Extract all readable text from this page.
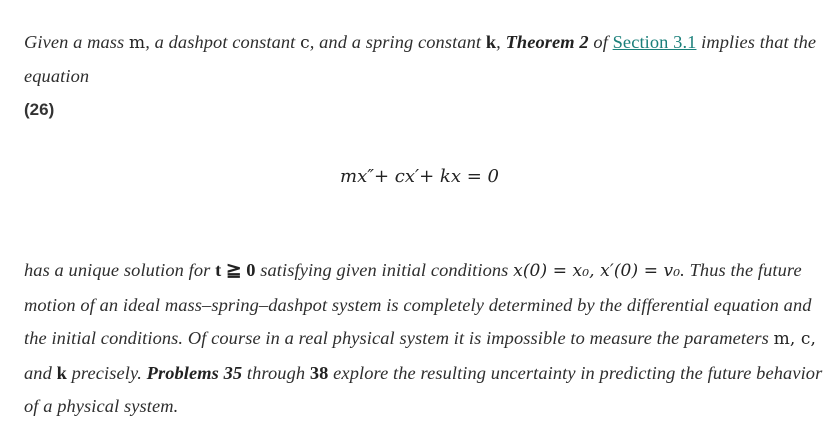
Given a mass m, a dashpot constant c, and a spring constant k, Theorem 2 of Section 3.1 implies that the equation

(26)
mx″+ cx′+ kx = 0

has a unique solution for t ≧ 0 satisfying given initial conditions x(0) = x₀, x′(0) = v₀. Thus the future motion of an ideal mass–spring–dashpot system is completely determined by the differential equation and the initial conditions. Of course in a real physical system it is impossible to measure the parameters m, c, and k precisely. Problems 35 through 38 explore the resulting uncertainty in predicting the future behavior of a physical system.
